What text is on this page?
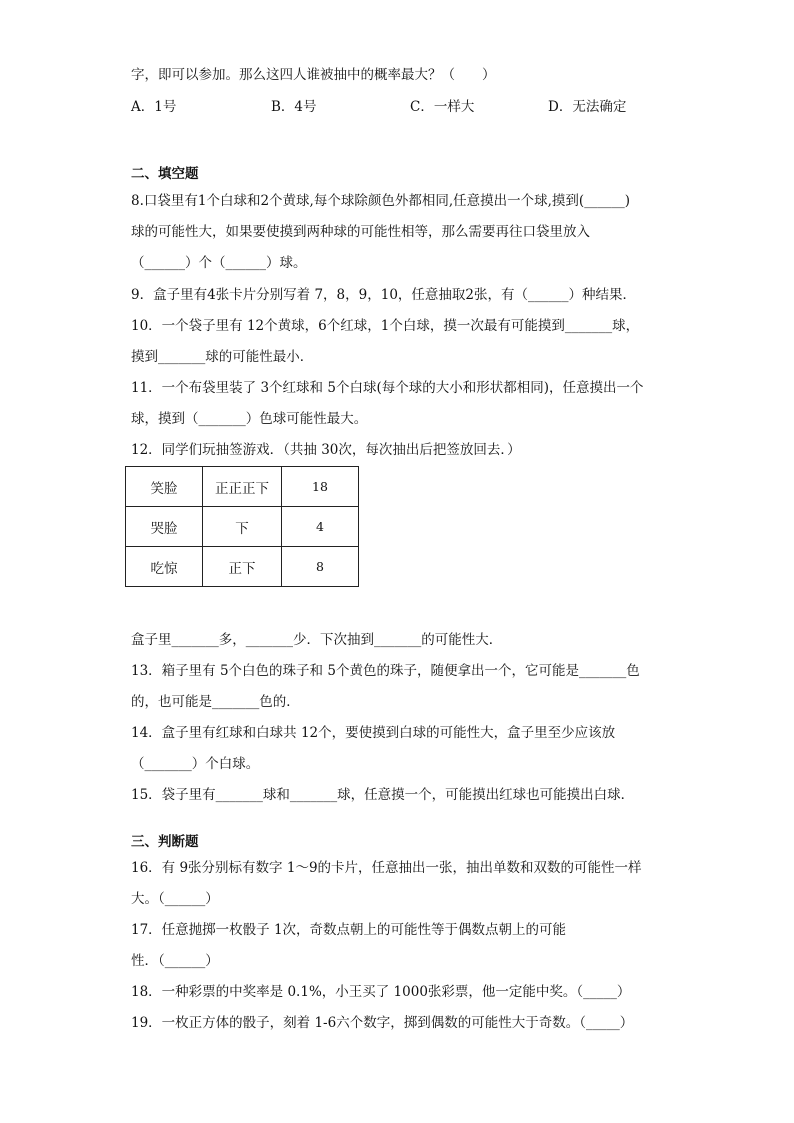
字，即可以参加。那么这四人谁被抽中的概率最大？（　　）
A．1号	B．4号	C．一样大	D．无法确定
二、填空题
8.口袋里有1个白球和2个黄球,每个球除颜色外都相同,任意摸出一个球,摸到(______)
球的可能性大，如果要使摸到两种球的可能性相等，那么需要再往口袋里放入
（______）个（______）球。
9．盒子里有4张卡片分别写着 7，8，9，10，任意抽取2张，有（______）种结果．
10．一个袋子里有 12个黄球，6个红球，1个白球，摸一次最有可能摸到_______球，
摸到_______球的可能性最小．
11．一个布袋里装了 3个红球和 5个白球(每个球的大小和形状都相同)，任意摸出一个
球，摸到（_______）色球可能性最大。
12．同学们玩抽签游戏．（共抽 30次，每次抽出后把签放回去．）
笑脸	正正正下	18
哭脸	下	4
吃惊	正下	8
盒子里_______多，_______少．下次抽到_______的可能性大．
13．箱子里有 5个白色的珠子和 5个黄色的珠子，随便拿出一个，它可能是_______色
的，也可能是_______色的．
14．盒子里有红球和白球共 12个，要使摸到白球的可能性大，盒子里至少应该放
（_______）个白球。
15．袋子里有_______球和_______球，任意摸一个，可能摸出红球也可能摸出白球．
三、判断题
16．有 9张分别标有数字 1～9的卡片，任意抽出一张，抽出单数和双数的可能性一样
大。（______）
17．任意抛掷一枚骰子 1次，奇数点朝上的可能性等于偶数点朝上的可能
性．（______）
18．一种彩票的中奖率是 0.1%，小王买了 1000张彩票，他一定能中奖。（_____）
19．一枚正方体的骰子，刻着 1-6六个数字，掷到偶数的可能性大于奇数。（_____）
